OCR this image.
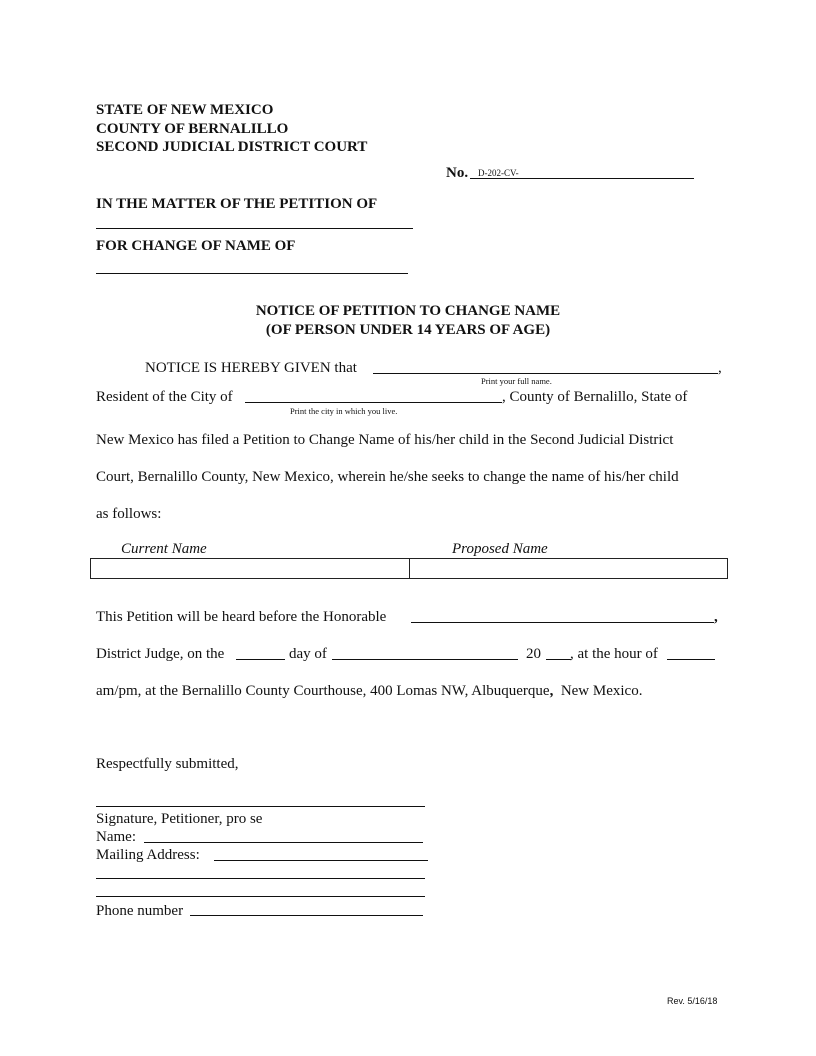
STATE OF NEW MEXICO
COUNTY OF BERNALILLO
SECOND JUDICIAL DISTRICT COURT
No. D-202-CV-
IN THE MATTER OF THE PETITION OF
FOR CHANGE OF NAME OF
NOTICE OF PETITION TO CHANGE NAME
(OF PERSON UNDER 14 YEARS OF AGE)
NOTICE IS HEREBY GIVEN that	,
Print your full name.
Resident of the City of	, County of Bernalillo, State of
Print the city in which you live.
New Mexico has filed a Petition to Change Name of his/her child in the Second Judicial District
Court, Bernalillo County, New Mexico, wherein he/she seeks to change the name of his/her child
as follows:
Current Name	Proposed Name
This Petition will be heard before the Honorable	,
District Judge, on the	day of	20 , at the hour of
am/pm, at the Bernalillo County Courthouse, 400 Lomas NW, Albuquerque,  New Mexico.
Respectfully submitted,
Signature, Petitioner, pro se
Name:
Mailing Address:
Phone number
Rev. 5/16/18
